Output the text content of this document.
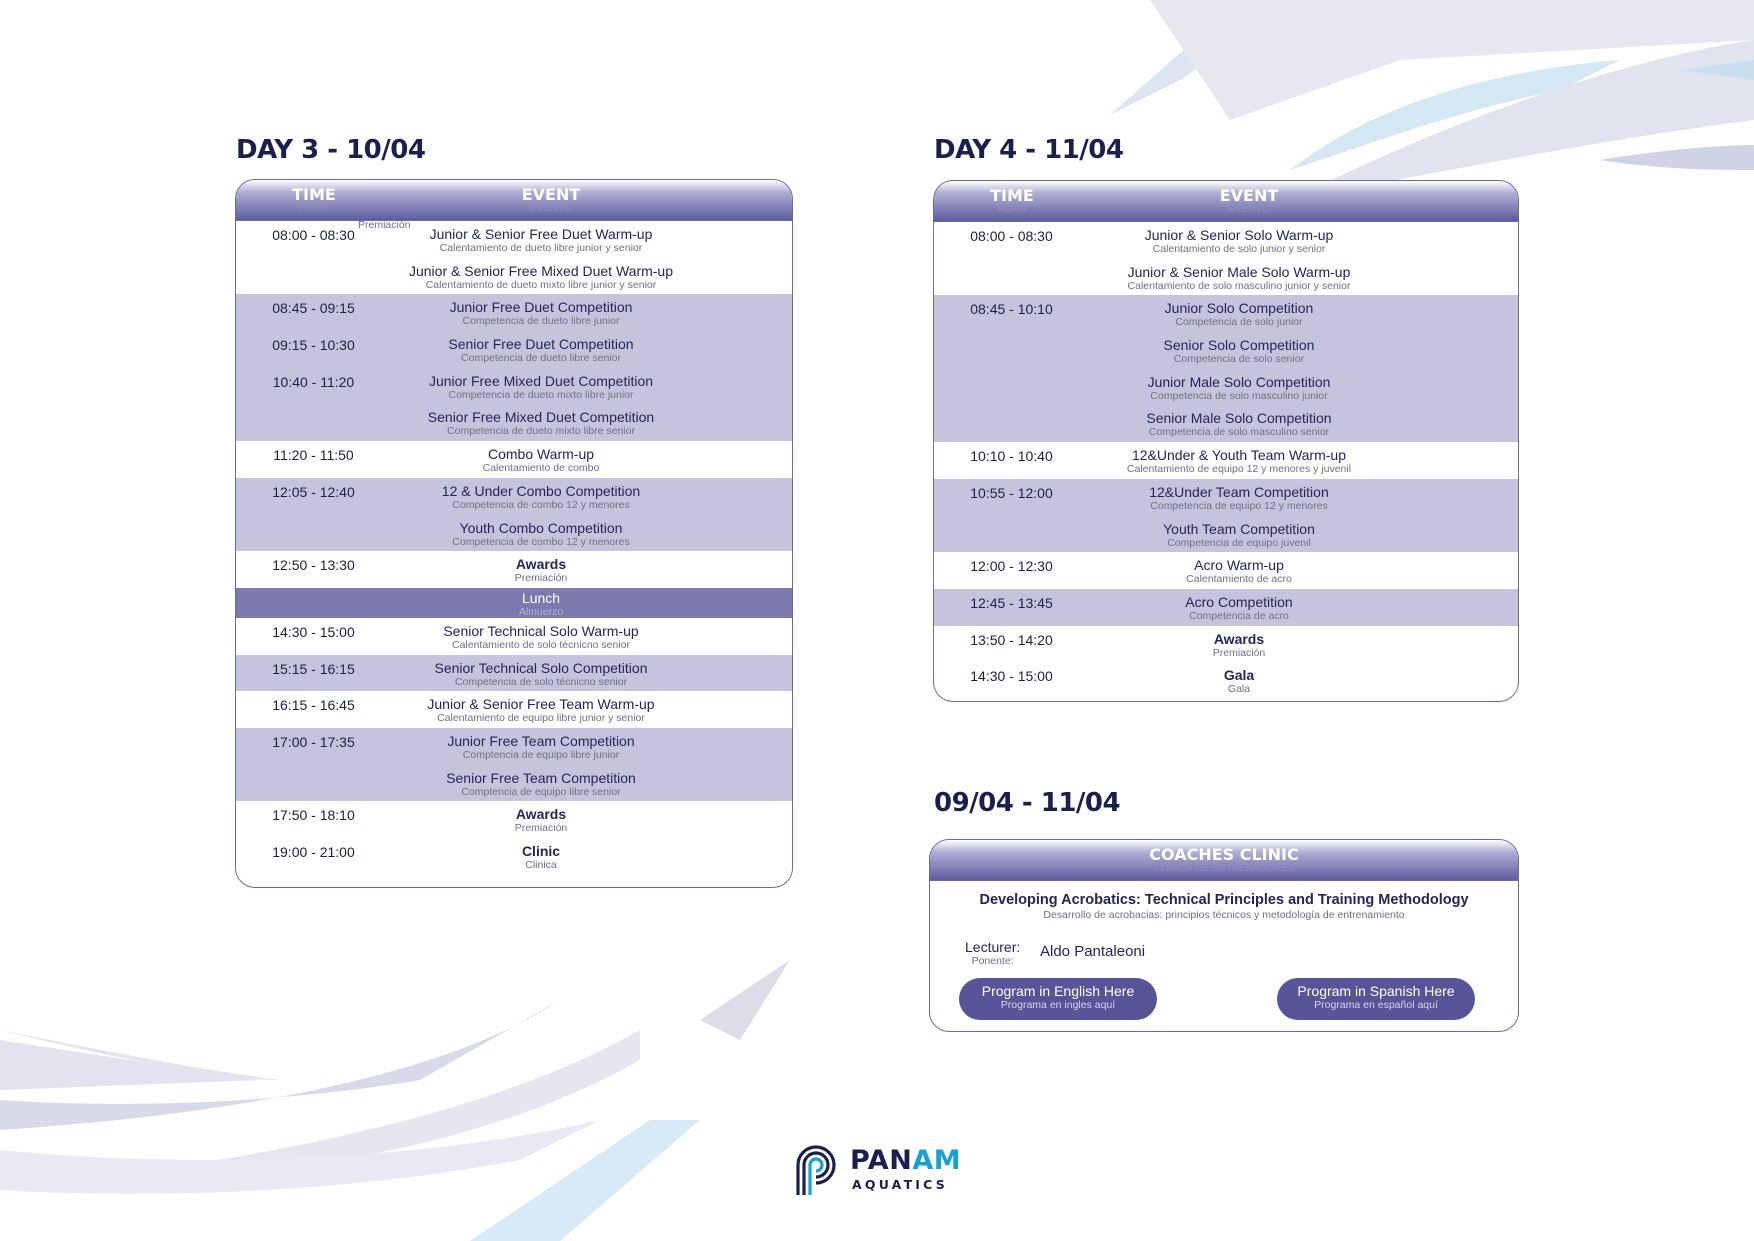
DAY 3 - 10/04
TIME
HORA
EVENT
EVENTO
08:00 - 08:30	Junior & Senior Free Duet Warm-up
Calentamiento de dueto libre junior y senior
Junior & Senior Free Mixed Duet Warm-up
Calentamiento de dueto mixto libre junior y senior
08:45 - 09:15	Junior Free Duet Competition
Competencia de dueto libre junior
09:15 - 10:30	Senior Free Duet Competition
Competencia de dueto libre senior
10:40 - 11:20	Junior Free Mixed Duet Competition
Competencia de dueto mixto libre junior
Senior Free Mixed Duet Competition
Competencia de dueto mixto libre senior
11:20 - 11:50	Combo Warm-up
Calentamiento de combo
12:05 - 12:40	12 & Under Combo Competition
Competencia de combo 12 y menores
Youth Combo Competition
Competencia de combo 12 y menores
12:50 - 13:30	Awards
Premiación
Lunch
Almuerzo
14:30 - 15:00	Senior Technical Solo Warm-up
Calentamiento de solo técnicno senior
15:15 - 16:15	Senior Technical Solo Competition
Competencia de solo técnicno senior
16:15 - 16:45	Junior & Senior Free Team Warm-up
Calentamiento de equipo libre junior y senior
17:00 - 17:35	Junior Free Team Competition
Comptencia de equipo libre junior
Senior Free Team Competition
Comptencia de equipo libre senior
17:50 - 18:10	Awards
Premiación
19:00 - 21:00	Clinic
Clinica
Premiación
DAY 4 - 11/04
TIME
HORA
EVENT
EVENTO
08:00 - 08:30	Junior & Senior Solo Warm-up
Calentamiento de solo junior y senior
Junior & Senior Male Solo Warm-up
Calentamiento de solo masculino junior y senior
08:45 - 10:10	Junior Solo Competition
Competencia de solo junior
Senior Solo Competition
Competencia de solo senior
Junior Male Solo Competition
Competencia de solo masculino junior
Senior Male Solo Competition
Competencia de solo masculino senior
10:10 - 10:40	12&Under & Youth Team Warm-up
Calentamiento de equipo 12 y menores y juvenil
10:55 - 12:00	12&Under Team Competition
Competencia de equipo 12 y menores
Youth Team Competition
Competencia de equipo juvenil
12:00 - 12:30	Acro Warm-up
Calentamiento de acro
12:45 - 13:45	Acro Competition
Competencia de acro
13:50 - 14:20	Awards
Premiación
14:30 - 15:00	Gala
Gala
09/04 - 11/04
COACHES CLINIC
CLÍNICA DE ENTRENADORES
Developing Acrobatics: Technical Principles and Training Methodology
Desarrollo de acrobacias: principios técnicos y metodología de entrenamiento
Lecturer:
Ponente:
Aldo Pantaleoni
Program in English Here
Programa en ingles aquí
Program in Spanish Here
Programa en español aquí
PANAM
AQUATICS
